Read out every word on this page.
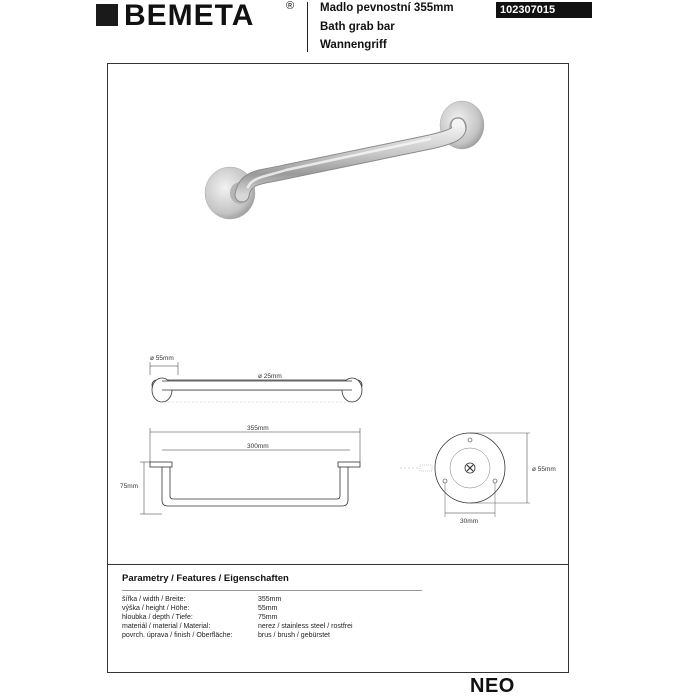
BEMETA	® Madlo pevnostní 355mm
Bath grab bar
Wannengriff
102307015
ø 55mm
ø 25mm
355mm
300mm
75mm
ø 55mm
30mm
Parametry / Features / Eigenschaften
šířka / width / Breite:	355mm
výška / height / Höhe:	55mm
hloubka / depth / Tiefe:	75mm
materiál / material / Material:	nerez / stainless steel / rostfrei
povrch. úprava / finish / Oberfläche:	brus / brush / gebürstet
NEO
